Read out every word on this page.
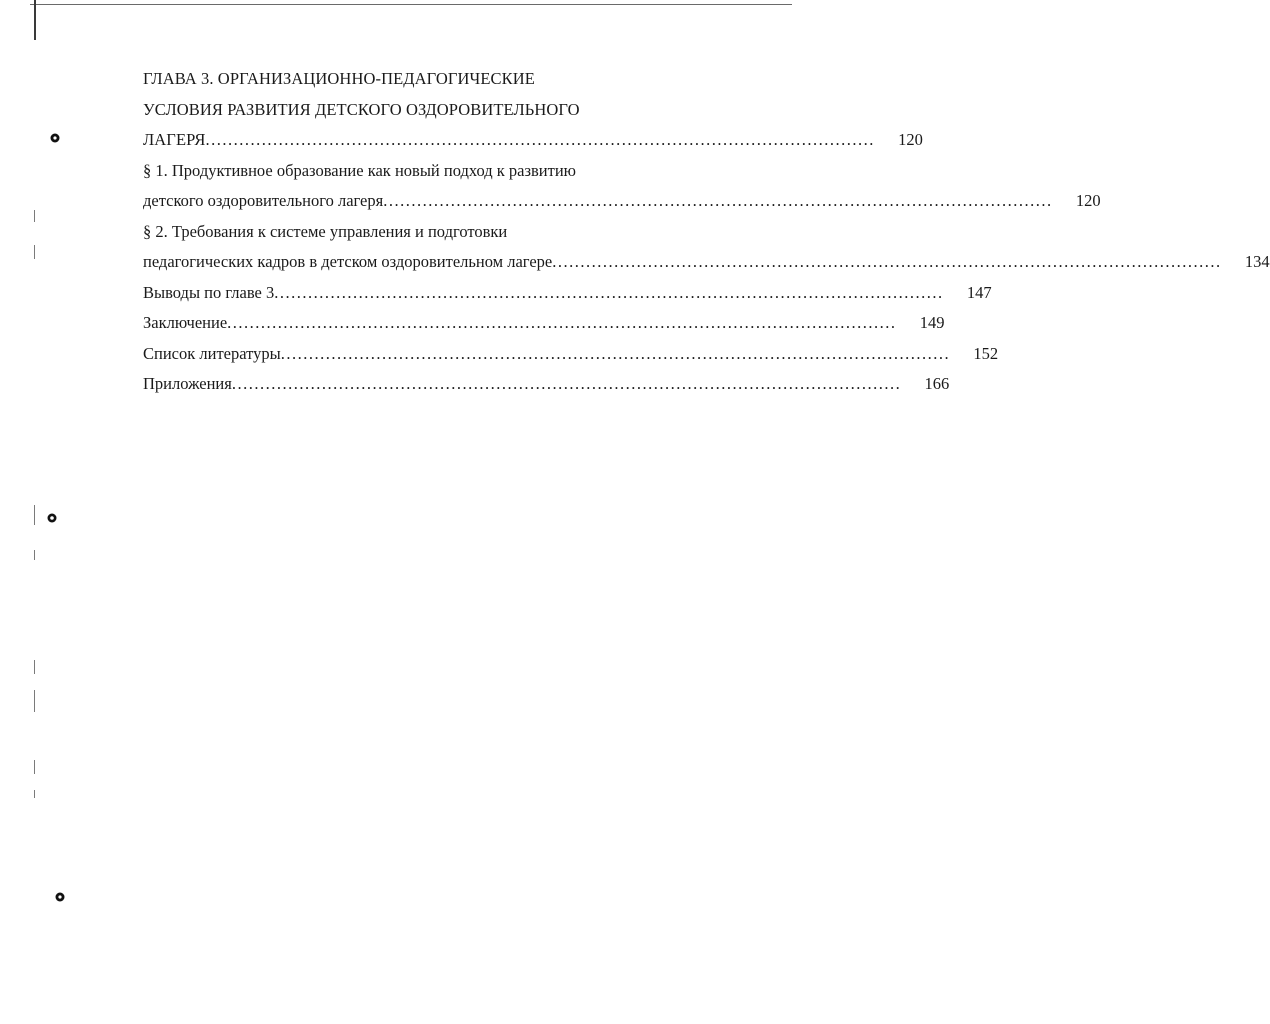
ГЛАВА 3. ОРГАНИЗАЦИОННО-ПЕДАГОГИЧЕСКИЕ
УСЛОВИЯ РАЗВИТИЯ ДЕТСКОГО ОЗДОРОВИТЕЛЬНОГО
ЛАГЕРЯ .......................................................................................................................	120
§ 1. Продуктивное образование как новый подход к развитию
детского оздоровительного лагеря .......................................................................................................................	120
§ 2. Требования к системе управления и подготовки
педагогических кадров в детском оздоровительном лагере .......................................................................................................................	134
Выводы по главе 3 .......................................................................................................................	147
Заключение .......................................................................................................................	149
Список литературы .......................................................................................................................	152
Приложения .......................................................................................................................	166
